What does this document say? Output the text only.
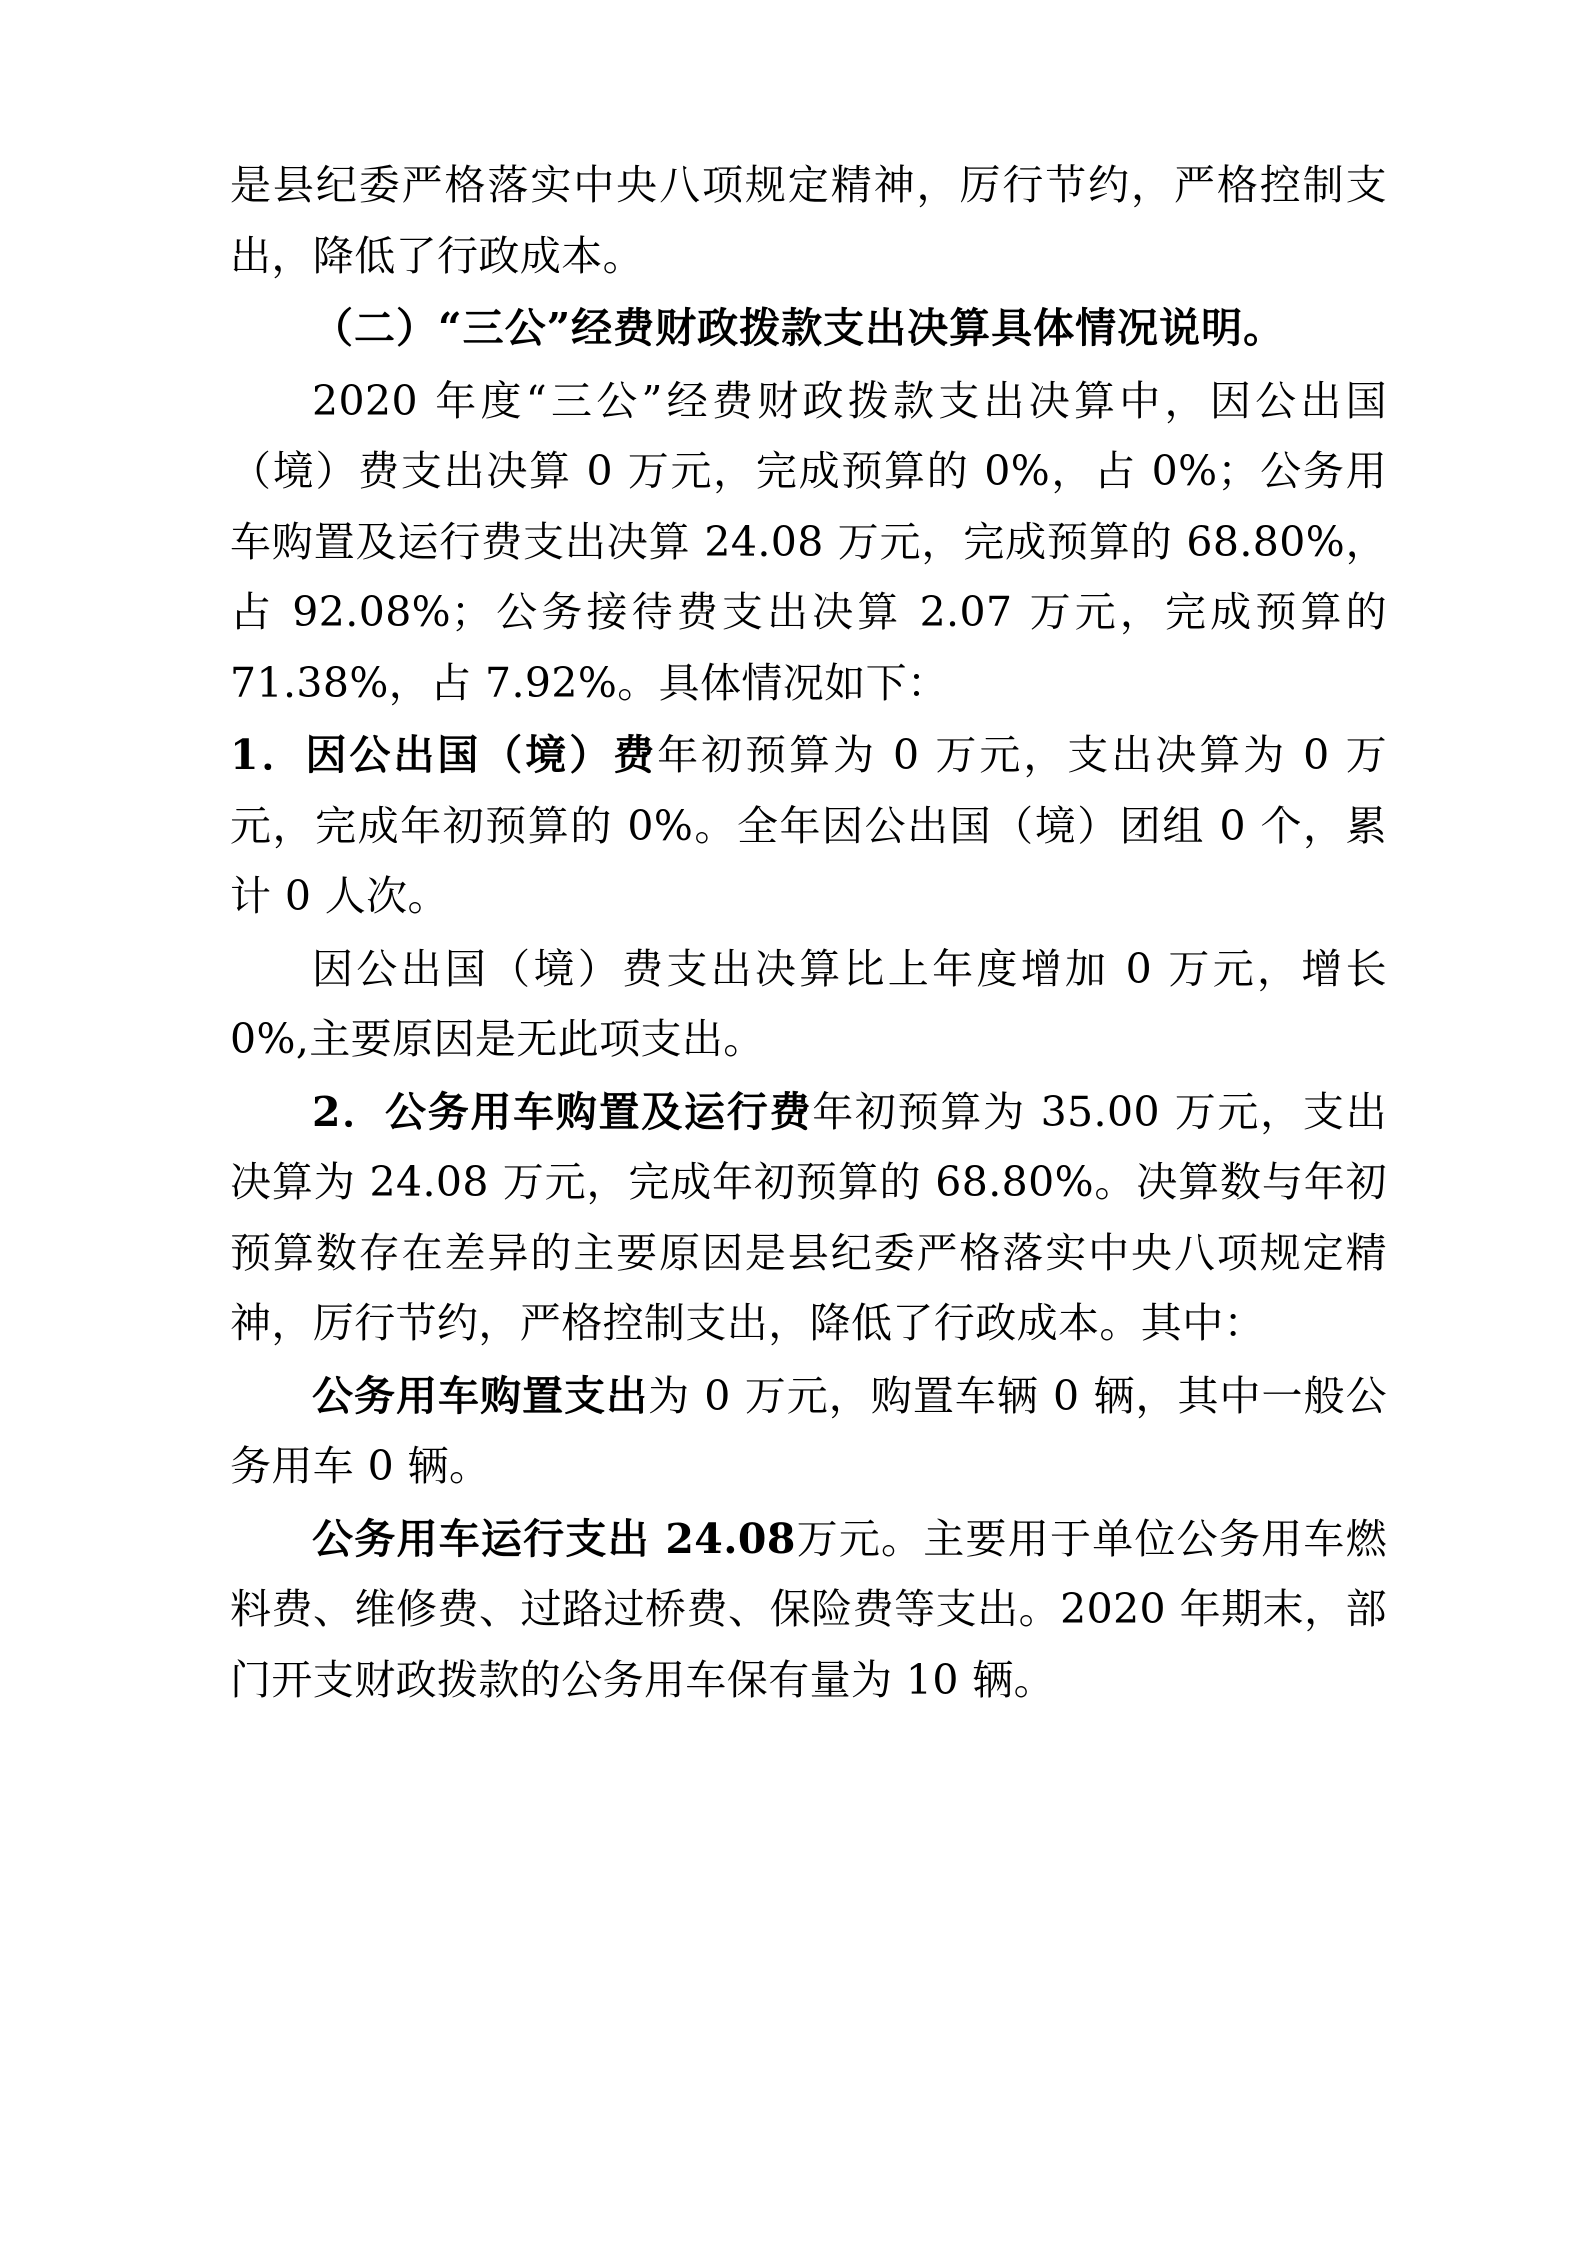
是县纪委严格落实中央八项规定精神，厉行节约，严格控制支出，降低了行政成本。

（二）“三公”经费财政拨款支出决算具体情况说明。

2020 年度“三公”经费财政拨款支出决算中，因公出国（境）费支出决算 0 万元，完成预算的 0%，占 0%；公务用车购置及运行费支出决算 24.08 万元，完成预算的 68.80%，占 92.08%；公务接待费支出决算 2.07 万元，完成预算的 71.38%，占 7.92%。具体情况如下：

1．因公出国（境）费年初预算为 0 万元，支出决算为 0 万元，完成年初预算的 0%。全年因公出国（境）团组 0 个，累计 0 人次。

因公出国（境）费支出决算比上年度增加 0 万元，增长 0%,主要原因是无此项支出。

2．公务用车购置及运行费年初预算为 35.00 万元，支出决算为 24.08 万元，完成年初预算的 68.80%。决算数与年初预算数存在差异的主要原因是县纪委严格落实中央八项规定精神，厉行节约，严格控制支出，降低了行政成本。其中：

公务用车购置支出为 0 万元，购置车辆 0 辆，其中一般公务用车 0 辆。

公务用车运行支出 24.08万元。主要用于单位公务用车燃料费、维修费、过路过桥费、保险费等支出。2020 年期末，部门开支财政拨款的公务用车保有量为 10 辆。
